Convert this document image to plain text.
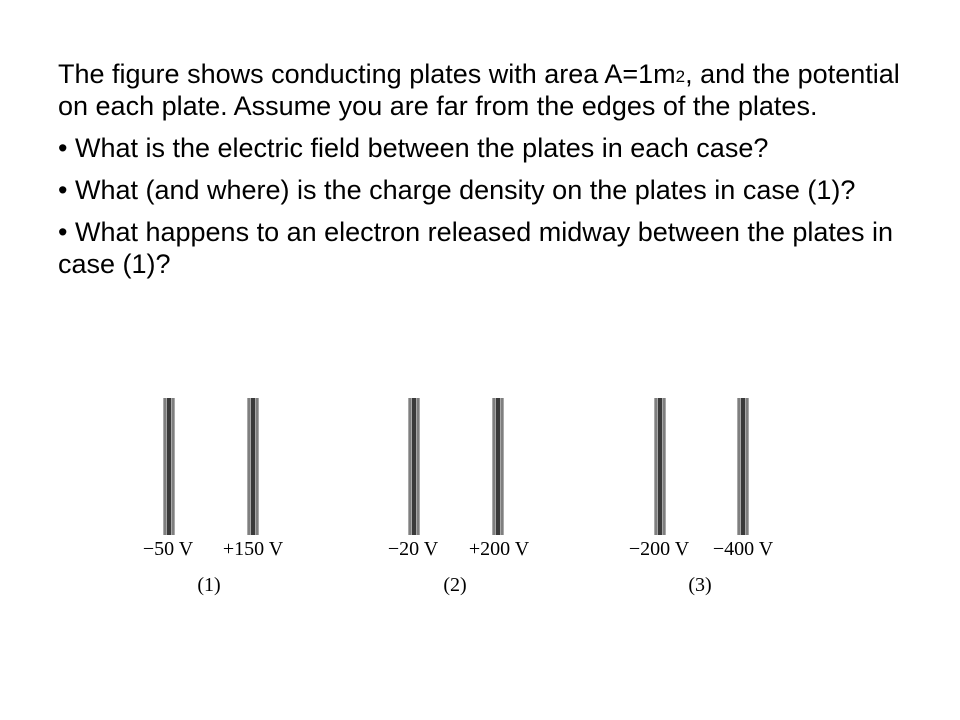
The figure shows conducting plates with area $A=1m^2$, and the potential on each plate. Assume you are far from the edges of the plates.

• What is the electric field between the plates in each case?

• What (and where) is the charge density on the plates in case (1)?

• What happens to an electron released midway between the plates in case (1)?

−50 V +150 V
(1)
−20 V +200 V
(2)
−200 V −400 V
(3)
